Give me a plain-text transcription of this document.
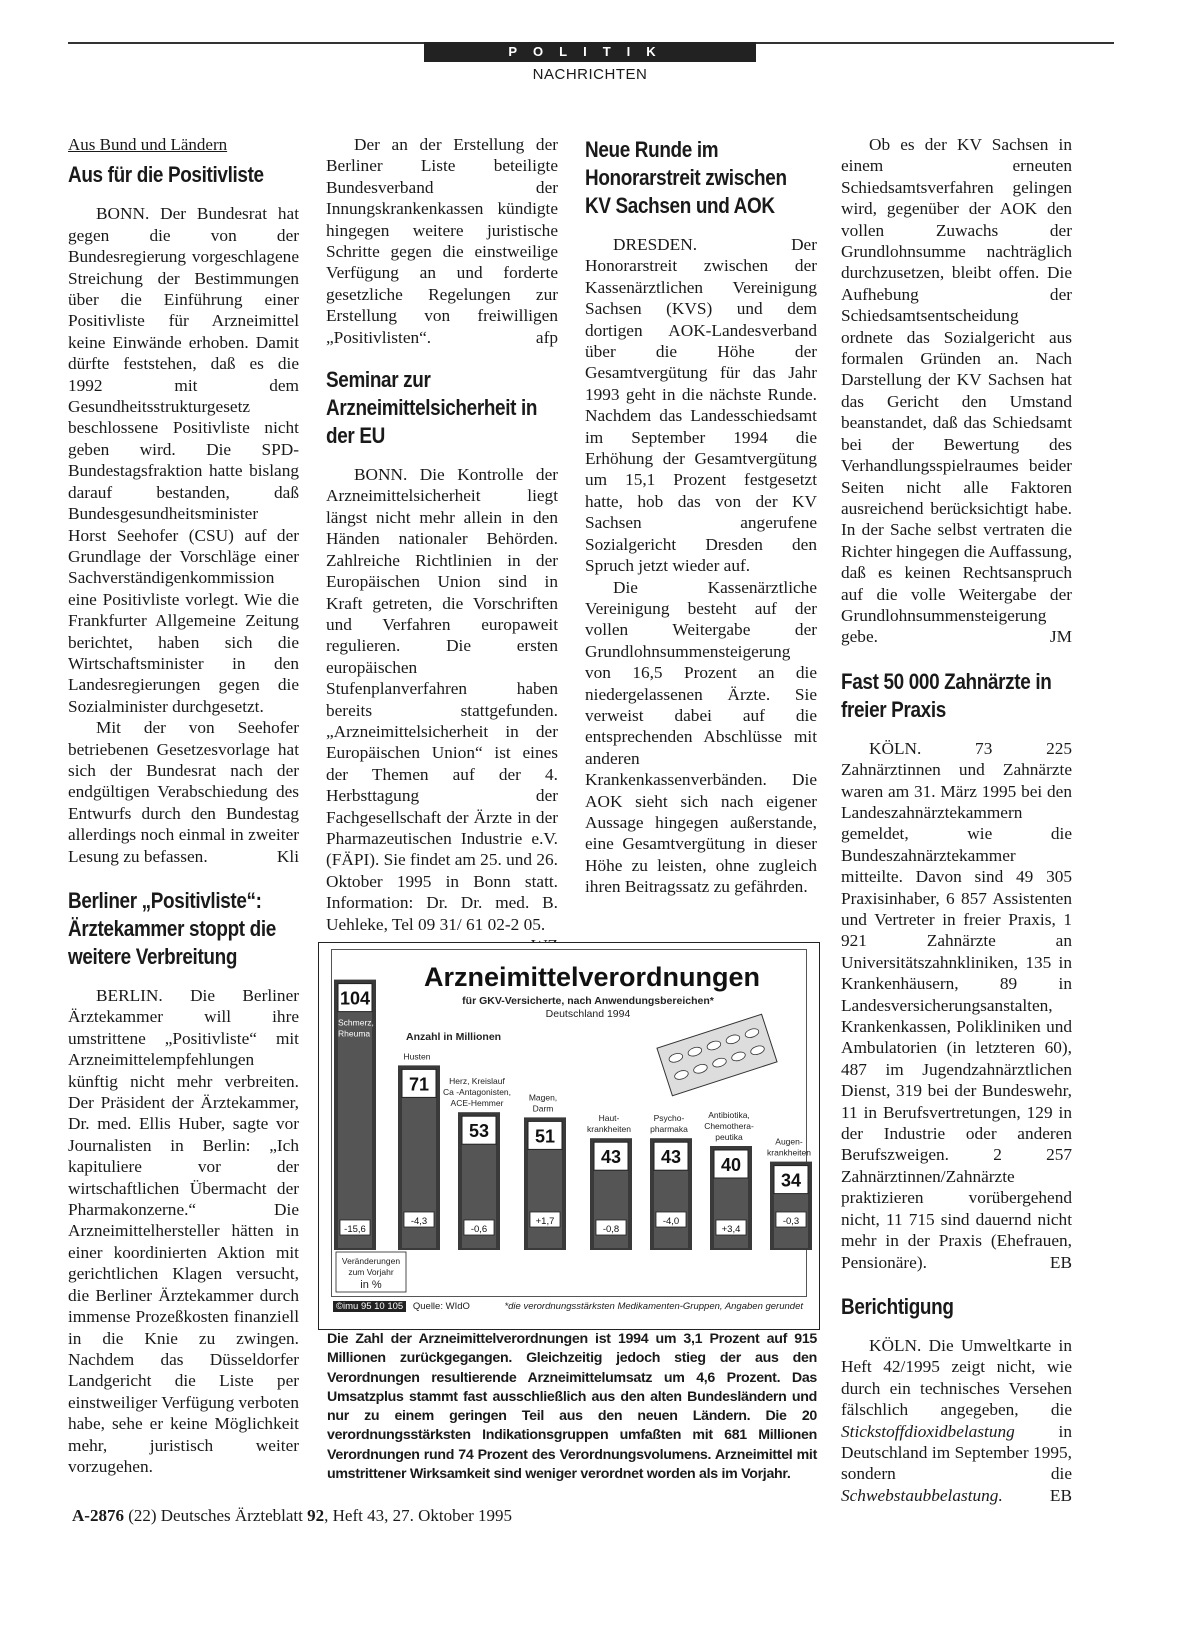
POLITIK
NACHRICHTEN
Aus Bund und Ländern
Aus für die Positivliste

BONN. Der Bundesrat hat gegen die von der Bundesregierung vorgeschlagene Streichung der Bestimmungen über die Einführung einer Positivliste für Arzneimittel keine Einwände erhoben. Damit dürfte feststehen, daß es die 1992 mit dem Gesundheitsstrukturgesetz beschlossene Positivliste nicht geben wird. Die SPD-Bundestagsfraktion hatte bislang darauf bestanden, daß Bundesgesundheitsminister Horst Seehofer (CSU) auf der Grundlage der Vorschläge einer Sachverständigenkommission eine Positivliste vorlegt. Wie die Frankfurter Allgemeine Zeitung berichtet, haben sich die Wirtschaftsminister in den Landesregierungen gegen die Sozialminister durchgesetzt.

Mit der von Seehofer betriebenen Gesetzesvorlage hat sich der Bundesrat nach der endgültigen Verabschiedung des Entwurfs durch den Bundestag allerdings noch einmal in zweiter Lesung zu befassen.	Kli

Berliner „Positivliste“: Ärztekammer stoppt die weitere Verbreitung

BERLIN. Die Berliner Ärztekammer will ihre umstrittene „Positivliste“ mit Arzneimittelempfehlungen künftig nicht mehr verbreiten. Der Präsident der Ärztekammer, Dr. med. Ellis Huber, sagte vor Journalisten in Berlin: „Ich kapituliere vor der wirtschaftlichen Übermacht der Pharmakonzerne.“ Die Arzneimittelhersteller hätten in einer koordinierten Aktion mit gerichtlichen Klagen versucht, die Berliner Ärztekammer durch immense Prozeßkosten finanziell in die Knie zu zwingen. Nachdem das Düsseldorfer Landgericht die Liste per einstweiliger Verfügung verboten habe, sehe er keine Möglichkeit mehr, juristisch weiter vorzugehen.

Der an der Erstellung der Berliner Liste beteiligte Bundesverband der Innungskrankenkassen kündigte hingegen weitere juristische Schritte gegen die einstweilige Verfügung an und forderte gesetzliche Regelungen zur Erstellung von freiwilligen „Positivlisten“.	afp

Seminar zur Arzneimittelsicherheit in der EU

BONN. Die Kontrolle der Arzneimittelsicherheit liegt längst nicht mehr allein in den Händen nationaler Behörden. Zahlreiche Richtlinien in der Europäischen Union sind in Kraft getreten, die Vorschriften und Verfahren europaweit regulieren. Die ersten europäischen Stufenplanverfahren haben bereits stattgefunden. „Arzneimittelsicherheit in der Europäischen Union“ ist eines der Themen auf der 4. Herbsttagung der Fachgesellschaft der Ärzte in der Pharmazeutischen Industrie e.V. (FÄPI). Sie findet am 25. und 26. Oktober 1995 in Bonn statt. Information: Dr. Dr. med. B. Uehleke, Tel 09 31/ 61 02-2 05.

Neue Runde im Honorarstreit zwischen KV Sachsen und AOK

DRESDEN. Der Honorarstreit zwischen der Kassenärztlichen Vereinigung Sachsen (KVS) und dem dortigen AOK-Landesverband über die Höhe der Gesamtvergütung für das Jahr 1993 geht in die nächste Runde. Nachdem das Landesschiedsamt im September 1994 die Erhöhung der Gesamtvergütung um 15,1 Prozent festgesetzt hatte, hob das von der KV Sachsen angerufene Sozialgericht Dresden den Spruch jetzt wieder auf.

Die Kassenärztliche Vereinigung besteht auf der vollen Weitergabe der Grundlohnsummensteigerung von 16,5 Prozent an die niedergelassenen Ärzte. Sie verweist dabei auf die entsprechenden Abschlüsse mit anderen Krankenkassenverbänden. Die AOK sieht sich nach eigener Aussage hingegen außerstande, eine Gesamtvergütung in dieser Höhe zu leisten, ohne zugleich ihren Beitragssatz zu gefährden.

Ob es der KV Sachsen in einem erneuten Schiedsamtsverfahren gelingen wird, gegenüber der AOK den vollen Zuwachs der Grundlohnsumme nachträglich durchzusetzen, bleibt offen. Die Aufhebung der Schiedsamtsentscheidung ordnete das Sozialgericht aus formalen Gründen an. Nach Darstellung der KV Sachsen hat das Gericht den Umstand beanstandet, daß das Schiedsamt bei der Bewertung des Verhandlungsspielraumes beider Seiten nicht alle Faktoren ausreichend berücksichtigt habe. In der Sache selbst vertraten die Richter hingegen die Auffassung, daß es keinen Rechtsanspruch auf die volle Weitergabe der Grundlohnsummensteigerung gebe.	JM

Fast 50 000 Zahnärzte in freier Praxis

KÖLN. 73 225 Zahnärztinnen und Zahnärzte waren am 31. März 1995 bei den Landeszahnärztekammern gemeldet, wie die Bundeszahnärztekammer mitteilte. Davon sind 49 305 Praxisinhaber, 6 857 Assistenten und Vertreter in freier Praxis, 1 921 Zahnärzte an Universitätszahnkliniken, 135 in Krankenhäusern, 89 in Landesversicherungsanstalten, Krankenkassen, Polikliniken und Ambulatorien (in letzteren 60), 487 im Jugendzahnärztlichen Dienst, 319 bei der Bundeswehr, 11 in Berufsvertretungen, 129 in der Industrie oder anderen Berufszweigen. 2 257 Zahnärztinnen/Zahnärzte praktizieren vorübergehend nicht, 11 715 sind dauernd nicht mehr in der Praxis (Ehefrauen, Pensionäre).	EB

Berichtigung

KÖLN. Die Umweltkarte in Heft 42/1995 zeigt nicht, wie durch ein technisches Versehen fälschlich angegeben, die Stickstoffdioxidbelastung in Deutschland im September 1995, sondern die Schwebstaubbelastung.	EB

Arzneimittelverordnungen
für GKV-Versicherte, nach Anwendungsbereichen*
Deutschland 1994
Anzahl in Millionen
104
Schmerz,
Rheuma
-15,6
71
Husten
-4,3
53
Herz, Kreislauf
Ca -Antagonisten,
ACE-Hemmer
-0,6
51
Magen,
Darm
+1,7
43
Haut-
krankheiten
-0,8
43
Psycho-
pharmaka
-4,0
40
Antibiotika,
Chemothera-
peutika
+3,4
34
Augen-
krankheiten
-0,3
Veränderungen
zum Vorjahr
in %
©imu 95 10 105 Quelle: WIdO	*die verordnungsstärksten Medikamenten-Gruppen, Angaben gerundet
Die Zahl der Arzneimittelverordnungen ist 1994 um 3,1 Prozent auf 915 Millionen zurückgegangen. Gleichzeitig jedoch stieg der aus den Verordnungen resultierende Arzneimittelumsatz um 4,6 Prozent. Das Umsatzplus stammt fast ausschließlich aus den alten Bundesländern und nur zu einem geringen Teil aus den neuen Ländern. Die 20 verordnungsstärksten Indikationsgruppen umfaßten mit 681 Millionen Verordnungen rund 74 Prozent des Verordnungsvolumens. Arzneimittel mit umstrittener Wirksamkeit sind weniger verordnet worden als im Vorjahr.
A-2876 (22) Deutsches Ärzteblatt 92, Heft 43, 27. Oktober 1995
